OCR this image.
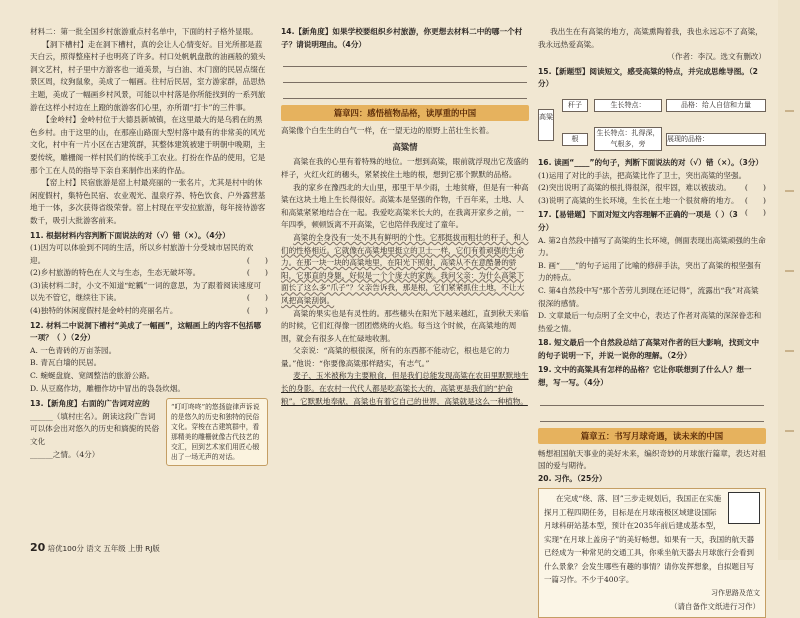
材料二：第一批全国乡村旅游重点村名单中，下面的村子格外显眼。

【洞下槽村】走在洞下槽村，真的会让人心情变好。目光所都是蓝天白云，照得整座村子也明亮了许多。村口处帆帆盘散的油画般的猿头洞文艺村，村子里中方游客也一道美景，与白油、木门窗的民居点缀在景区周，纹狗鼠象，美成了一幅画。往村后民居，室方游家群，品思热主题，美成了一幅画乡村风景，可能以中村落是你所能找到的一系列旅游在这样小村边在上蹬的旅游客们心里，亦所谓“打卡”的三件事。

【金岭村】金岭村位于大德县新城镇，在这里最大的是乌鸦在的黑色乡村。由于这里的山，在那座山路面大型村落中最有的非常美的风光文化，村中有一片小区在古建筑群，其整体建筑被建于明朝中晚期，主要传统，雕栅阁一样村民们的传统手工农业。打扮在作品的使用，它是那个工在人员的指导下亲自来制作出来的作品。

【窑上村】民宿旅游是窑上村最亮丽的一张名片，尤其是村中的休闲度假村，集特色民宿、农业观光、温泉疗养、特色饮食、户外露营基地于一体，多次获得省级荣誉。窑上村现在平安拉旅游，每年接待游客数千，吸引大批游客前来。

11. 根据材料内容判断下面说法的对（√）错（×）。（4分）

(1)因为可以体验到不同的生活，所以乡村旅游十分受城市居民的欢迎。	(　　)

(2)乡村旅游的特色在人文与生态，生态无破坏等。	(　　)

(3)读材料二时，小文不知道“蛇瓤”一词的意思，为了跟着阅读速度可以先不管它，继续往下读。	(　　)

(4)独特的休闲度假村是金岭村的亮丽名片。	(　　)

12. 材料二中说洞下槽村“美成了一幅画”，这幅画上的内容不包括哪一项？（ ）（2分）

A. 一色青砖的万亩茶园。

B. 青瓦白墙的民居。

C. 蜿蜒盘旋、宽阔整洁的旅游公路。

D. 从豆腐作坊，雕栅作坊中冒出的袅袅炊烟。

13.【新角度】右面的广告词对应的

______（填村庄名）。朗读这段广告词可以体会出对悠久的历史和旖旎的民俗文化

______之情。（4分）

“叮叮咚咚”的悠扬旋律声诉说的是悠久的历史和独特的民俗文化。穿梭在古建筑群中，看那精美的雕栅就像古代技艺的交汇，回到艺术家们用匠心锻出了一场无声的对话。

14.【新角度】如果学校要组织乡村旅游，你更想去材料二中的哪一个村子？请说明理由。（4分）

篇章四：感悟植物品格，读厚重的中国

高粱像个白生生的白气一样，在一望无边的原野上茁壮生长着。

高粱情

高粱在我的心里有着特殊的地位。一想到高粱，眼前就浮现出它茂盛的样子，火红火红的穗头，紧紧挨住土地的根，想到它那个默默的品格。

我的家乡在豫西北的大山里，那里干旱少雨，土地贫瘠，但是有一种高粱在这块土地上生长得很好。高粱本是坚强的作物，千百年来，土地、人和高粱紧紧地结合在一起。我爱吃高粱米长大的，在我离开家乡之前，一年四季，顿顿饭离不开高粱，它也陪伴我度过了童年。

高粱的全身没有一处不具有鲜明的个性。它那挺拔而粗壮的秆子，和人们的性格相近。它就像在高粱地里挺立的卫士一样，它们有着顽强的生命力。在那一块一块的高粱地里，在阳光下照射，高梁从不在意酷暑的骄阳，它那直的身躯，好似是一个个庞大的家族。我问父亲：为什么高粱下面长了这么多“爪子”？父亲告诉我，那是根，它们紧紧抓住土地，不让大风把高粱刮倒。

高粱的果实也是有灵性的。那些穗头在阳光下越来越红，直到秋天来临的时候，它们红得像一团团燃烧的火焰。每当这个时候，在高粱地的周围，就会有很多人在忙碌地收割。

父亲说：“高粱的根很深，所有的东西都不能动它，根也是它的力量。”他说：“你要像高粱那样踏实，有志气。”

麦子、玉米被称为主要粮食，但是我们总能发现高粱在农田里默默地生长的身影。在农村一代代人都是吃高粱长大的，高粱更是我们的“护命粮”。它默默地奉献，高粱也有着它自己的世界，高粱就是这么一种植物。

我出生在有高粱的地方，高粱熏陶着我，我也永远忘不了高粱，我永远热爱高粱。

（作者：李汉。选文有删改）

15.【新题型】阅读短文，感受高粱的特点，并完成思维导图。（2分）

高粱
秆子
根
生长特点：	品格：给人自信和力量
生长特点：扎得深，气根多，旁
展现的品格：

16. 读画“____”的句子，判断下面说法的对（√）错（×）。（3分）

(1)运用了对比的手法，把高粱比作了卫士，突出高粱的坚强。
(　　)

(2)突出说明了高粱的根扎得很深，很牢固，难以被拔动。
(　　)

(3)说明了高粱的生长环境，生长在土地一个很贫瘠的地方。
(　　)

17.【易错题】下面对短文内容理解不正确的一项是（ ）（3分）

A. 第2自然段中描写了高粱的生长环境，侧面表现出高粱顽强的生命力。

B. 画“____”的句子运用了比喻的修辞手法，突出了高粱的根坚强有力的特点。

C. 第4自然段中写“那个苦劳儿到现在还记得”，流露出“我”对高粱很深的感情。

D. 文章最后一句点明了全文中心，表达了作者对高粱的深深眷恋和热爱之情。

18. 短文最后一个自然段总结了高粱对作者的巨大影响，找到文中的句子说明一下，并说一说你的理解。（2分）

19. 文中的高粱具有怎样的品格？它让你联想到了什么人？想一想，写一写。（4分）

篇章五：书写月球奇遇，读未来的中国

畅想祖国航天事业的美好未来，编织奇妙的月球旅行篇章，表达对祖国的爱与期待。

20. 习作。（25分）

在完成“绕、落、回”三步走规划后，我国正在实施探月工程四期任务，目标是在月球南极区域建设国际月球科研站基本型，预计在2035年前后建成基本型，实现“在月球上盖房子”的美好畅想。如果有一天，我国的航天器已经成为一种常见的交通工具，你乘坐航天器去月球旅行会看到什么景象？会发生哪些有趣的事情？请你发挥想象，自拟题目写一篇习作。不少于400字。

习作思路及范文

（请自备作文纸进行习作）

20 培优100分 语文 五年级 上册 RJ版
